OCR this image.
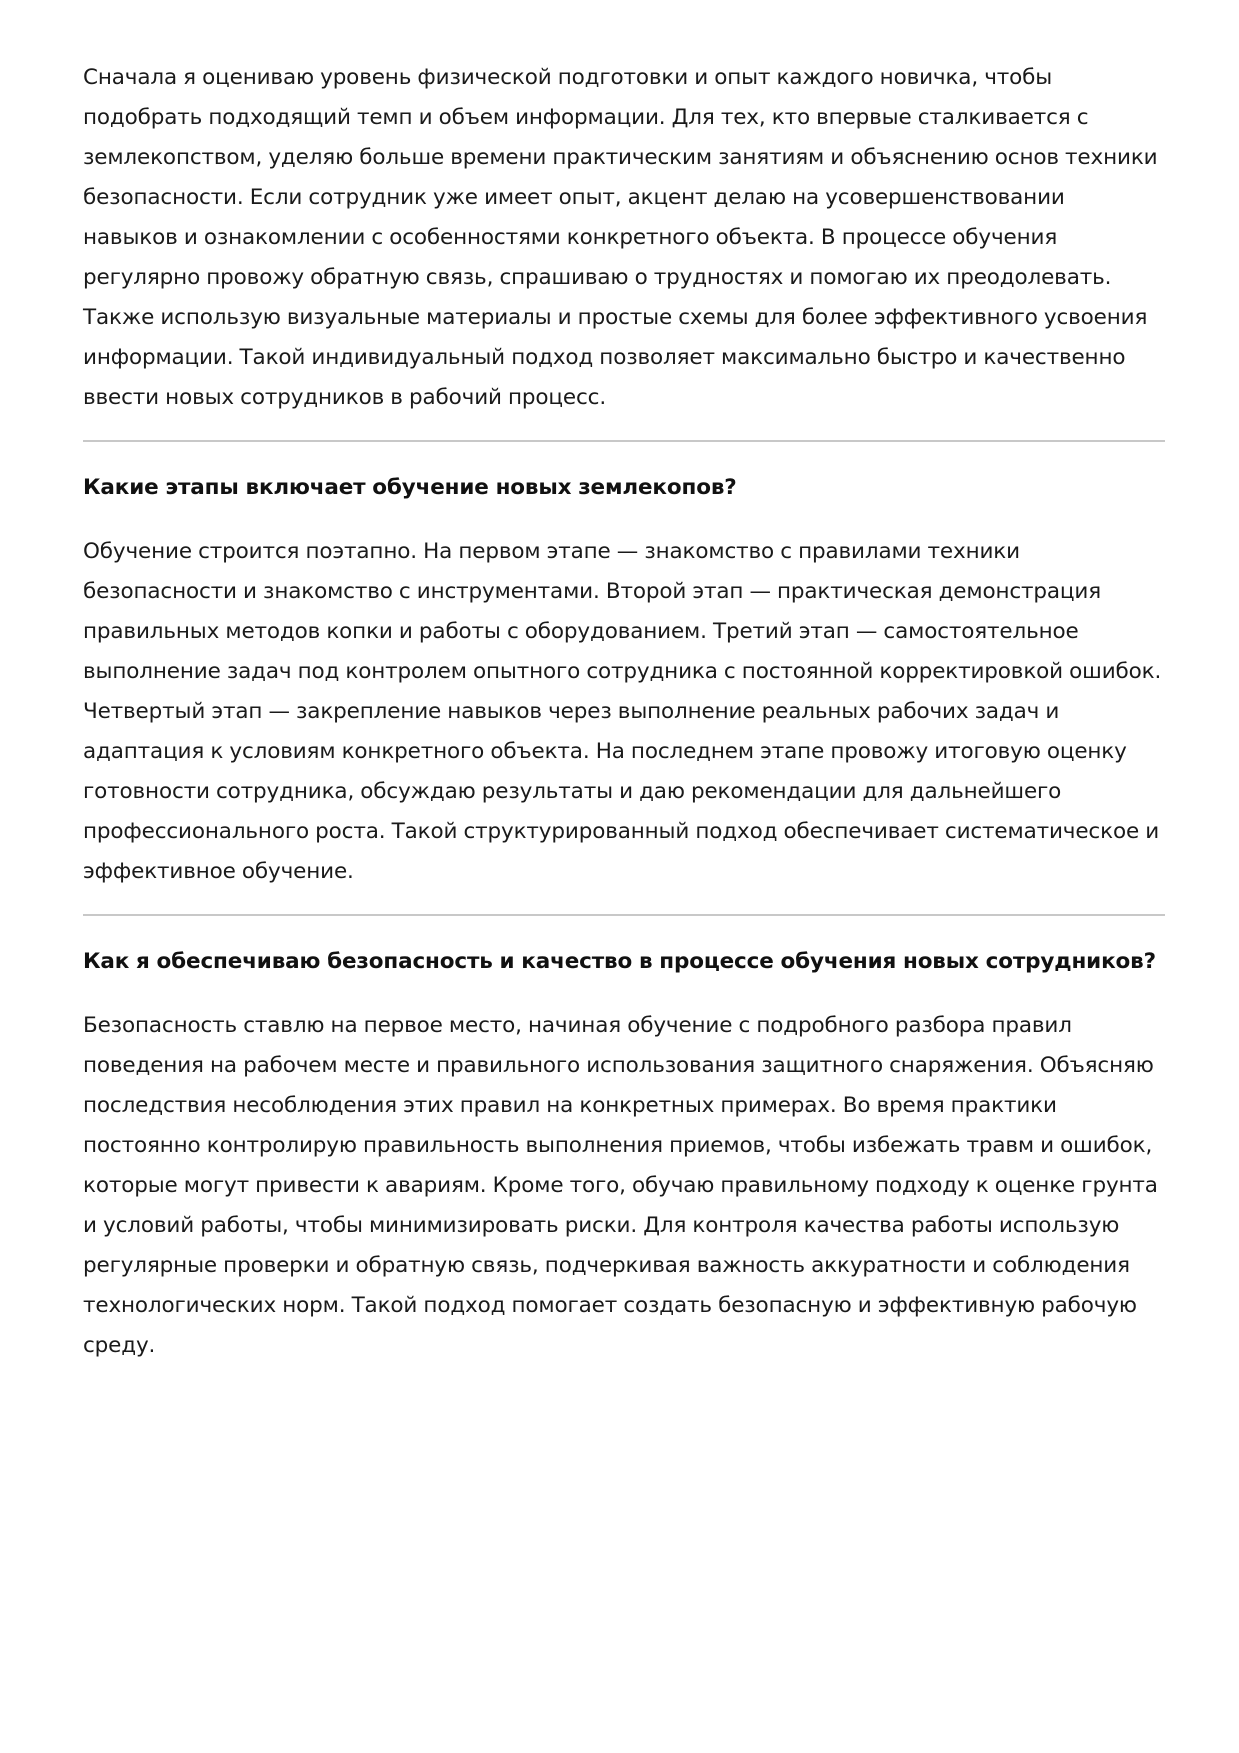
Сначала я оцениваю уровень физической подготовки и опыт каждого новичка, чтобы подобрать подходящий темп и объем информации. Для тех, кто впервые сталкивается с землекопством, уделяю больше времени практическим занятиям и объяснению основ техники безопасности. Если сотрудник уже имеет опыт, акцент делаю на усовершенствовании навыков и ознакомлении с особенностями конкретного объекта. В процессе обучения регулярно провожу обратную связь, спрашиваю о трудностях и помогаю их преодолевать. Также использую визуальные материалы и простые схемы для более эффективного усвоения информации. Такой индивидуальный подход позволяет максимально быстро и качественно ввести новых сотрудников в рабочий процесс.

Какие этапы включает обучение новых землекопов?

Обучение строится поэтапно. На первом этапе — знакомство с правилами техники безопасности и знакомство с инструментами. Второй этап — практическая демонстрация правильных методов копки и работы с оборудованием. Третий этап — самостоятельное выполнение задач под контролем опытного сотрудника с постоянной корректировкой ошибок. Четвертый этап — закрепление навыков через выполнение реальных рабочих задач и адаптация к условиям конкретного объекта. На последнем этапе провожу итоговую оценку готовности сотрудника, обсуждаю результаты и даю рекомендации для дальнейшего профессионального роста. Такой структурированный подход обеспечивает систематическое и эффективное обучение.

Как я обеспечиваю безопасность и качество в процессе обучения новых сотрудников?

Безопасность ставлю на первое место, начиная обучение с подробного разбора правил поведения на рабочем месте и правильного использования защитного снаряжения. Объясняю последствия несоблюдения этих правил на конкретных примерах. Во время практики постоянно контролирую правильность выполнения приемов, чтобы избежать травм и ошибок, которые могут привести к авариям. Кроме того, обучаю правильному подходу к оценке грунта и условий работы, чтобы минимизировать риски. Для контроля качества работы использую регулярные проверки и обратную связь, подчеркивая важность аккуратности и соблюдения технологических норм. Такой подход помогает создать безопасную и эффективную рабочую среду.
